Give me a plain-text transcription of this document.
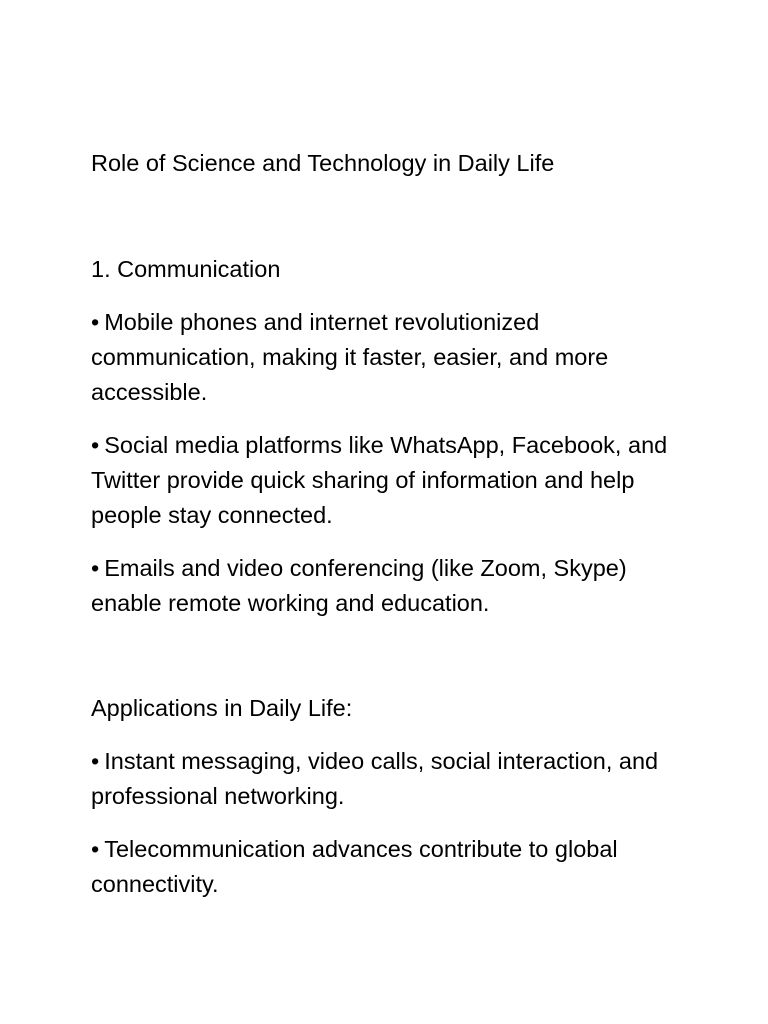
Role of Science and Technology in Daily Life

1. Communication

• Mobile phones and internet revolutionized communication, making it faster, easier, and more accessible.

• Social media platforms like WhatsApp, Facebook, and Twitter provide quick sharing of information and help people stay connected.

• Emails and video conferencing (like Zoom, Skype) enable remote working and education.

Applications in Daily Life:

• Instant messaging, video calls, social interaction, and professional networking.

• Telecommunication advances contribute to global connectivity.
